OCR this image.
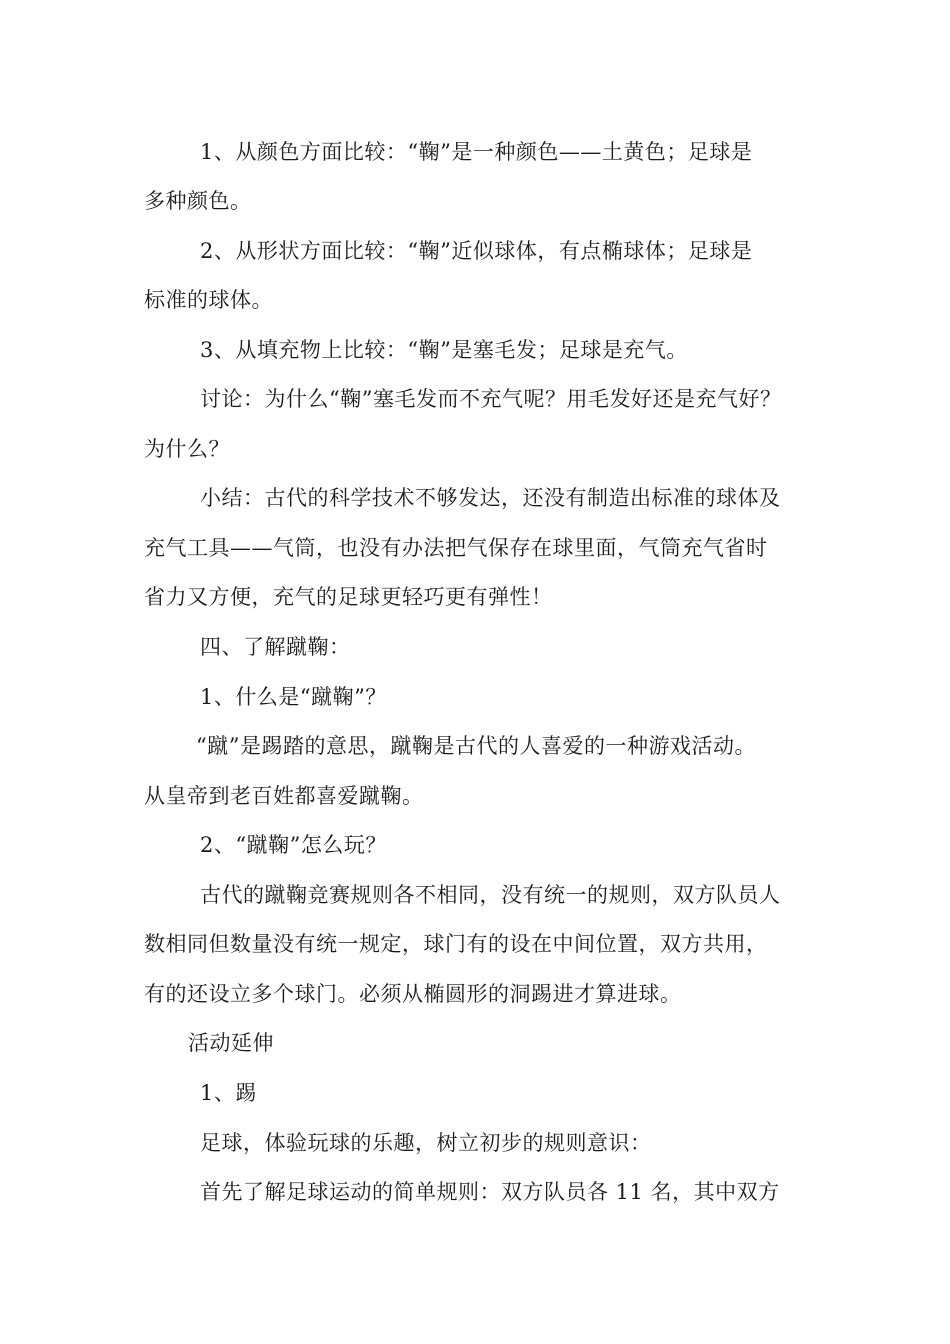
1、从颜色方面比较：“鞠”是一种颜色——土黄色；足球是
多种颜色。
2、从形状方面比较：“鞠”近似球体，有点椭球体；足球是
标准的球体。
3、从填充物上比较：“鞠”是塞毛发；足球是充气。
讨论：为什么“鞠”塞毛发而不充气呢？用毛发好还是充气好？
为什么？
小结：古代的科学技术不够发达，还没有制造出标准的球体及
充气工具——气筒，也没有办法把气保存在球里面，气筒充气省时
省力又方便，充气的足球更轻巧更有弹性！
四、了解蹴鞠：
1、什么是“蹴鞠”？
“蹴”是踢踏的意思，蹴鞠是古代的人喜爱的一种游戏活动。
从皇帝到老百姓都喜爱蹴鞠。
2、“蹴鞠”怎么玩？
古代的蹴鞠竞赛规则各不相同，没有统一的规则，双方队员人
数相同但数量没有统一规定，球门有的设在中间位置，双方共用，
有的还设立多个球门。必须从椭圆形的洞踢进才算进球。
活动延伸
1、踢
足球，体验玩球的乐趣，树立初步的规则意识：
首先了解足球运动的简单规则：双方队员各 11 名，其中双方
